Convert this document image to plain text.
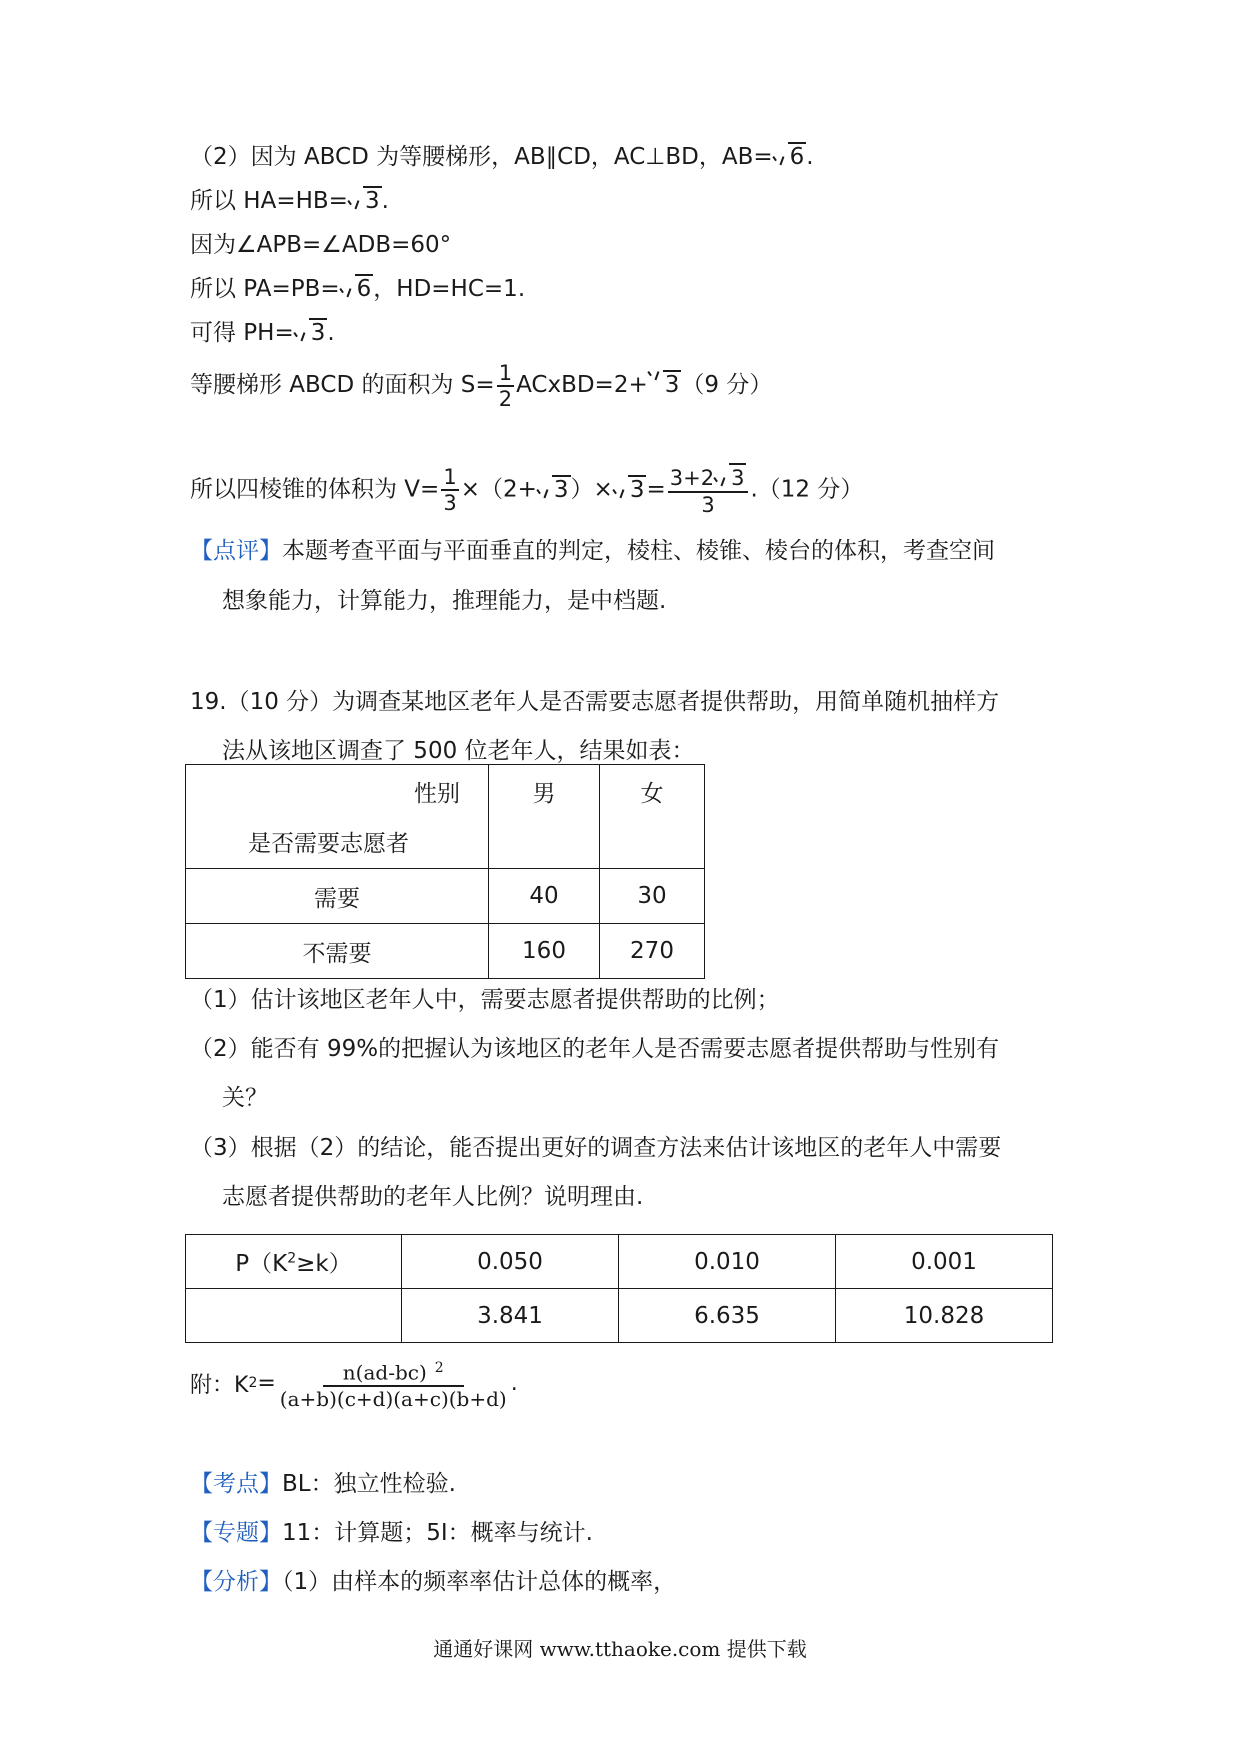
（2）因为 ABCD 为等腰梯形，AB∥CD，AC⊥BD，AB= 6.
所以 HA=HB= 3.
因为∠APB=∠ADB=60°
所以 PA=PB= 6，HD=HC=1.
可得 PH= 3.
等腰梯形 ABCD 的面积为 $S= \frac{1}{2}$ ACxBD=2+ 3（9 分）
所以四棱锥的体积为 $V= \frac{1}{3} \times(2+ 3)\times 3= \frac{3+2 3}{3} .(12$ 分）
【点评】本题考查平面与平面垂直的判定，棱柱、棱锥、棱台的体积，考查空间
想象能力，计算能力，推理能力，是中档题.
19.（10 分）为调查某地区老年人是否需要志愿者提供帮助，用简单随机抽样方
法从该地区调查了 500 位老年人，结果如表：
性别
是否需要志愿者	男	女
需要	40	30
不需要	160	270
（1）估计该地区老年人中，需要志愿者提供帮助的比例；
（2）能否有 99%的把握认为该地区的老年人是否需要志愿者提供帮助与性别有
关？
（3）根据（2）的结论，能否提出更好的调查方法来估计该地区的老年人中需要
志愿者提供帮助的老年人比例？说明理由.
$P(K^2\ge k)$	0.050	0.010	0.001
	3.841	6.635	10.828
附：K $2 = \frac{n(ad-bc) ^2}{(a+b)(c+d)(a+c)(b+d)}$ .
【考点】BL：独立性检验.
【专题】11：计算题；5I：概率与统计.
【分析】（1）由样本的频率率估计总体的概率，
通通好课网 www.tthaoke.com 提供下载
